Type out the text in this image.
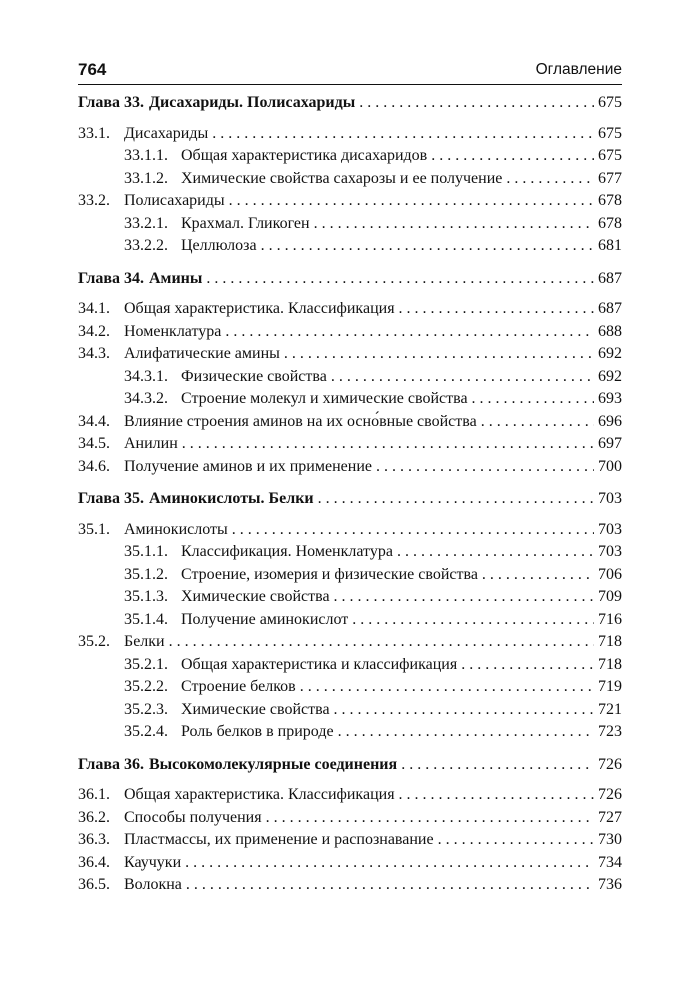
764	Оглавление
Глава 33. Дисахариды. Полисахариды . . .	675
33.1. Дисахариды . . .	675
33.1.1. Общая характеристика дисахаридов . . .	675
33.1.2. Химические свойства сахарозы и ее получение . . .	677
33.2. Полисахариды . . .	678
33.2.1. Крахмал. Гликоген . . .	678
33.2.2. Целлюлоза . . .	681
Глава 34. Амины . . .	687
34.1. Общая характеристика. Классификация . . .	687
34.2. Номенклатура . . .	688
34.3. Алифатические амины . . .	692
34.3.1. Физические свойства . . .	692
34.3.2. Строение молекул и химические свойства . . .	693
34.4. Влияние строения аминов на их осно́вные свойства . . .	696
34.5. Анилин . . .	697
34.6. Получение аминов и их применение . . .	700
Глава 35. Аминокислоты. Белки . . .	703
35.1. Аминокислоты . . .	703
35.1.1. Классификация. Номенклатура . . .	703
35.1.2. Строение, изомерия и физические свойства . . .	706
35.1.3. Химические свойства . . .	709
35.1.4. Получение аминокислот . . .	716
35.2. Белки . . .	718
35.2.1. Общая характеристика и классификация . . .	718
35.2.2. Строение белков . . .	719
35.2.3. Химические свойства . . .	721
35.2.4. Роль белков в природе . . .	723
Глава 36. Высокомолекулярные соединения . . .	726
36.1. Общая характеристика. Классификация . . .	726
36.2. Способы получения . . .	727
36.3. Пластмассы, их применение и распознавание . . .	730
36.4. Каучуки . . .	734
36.5. Волокна . . .	736
